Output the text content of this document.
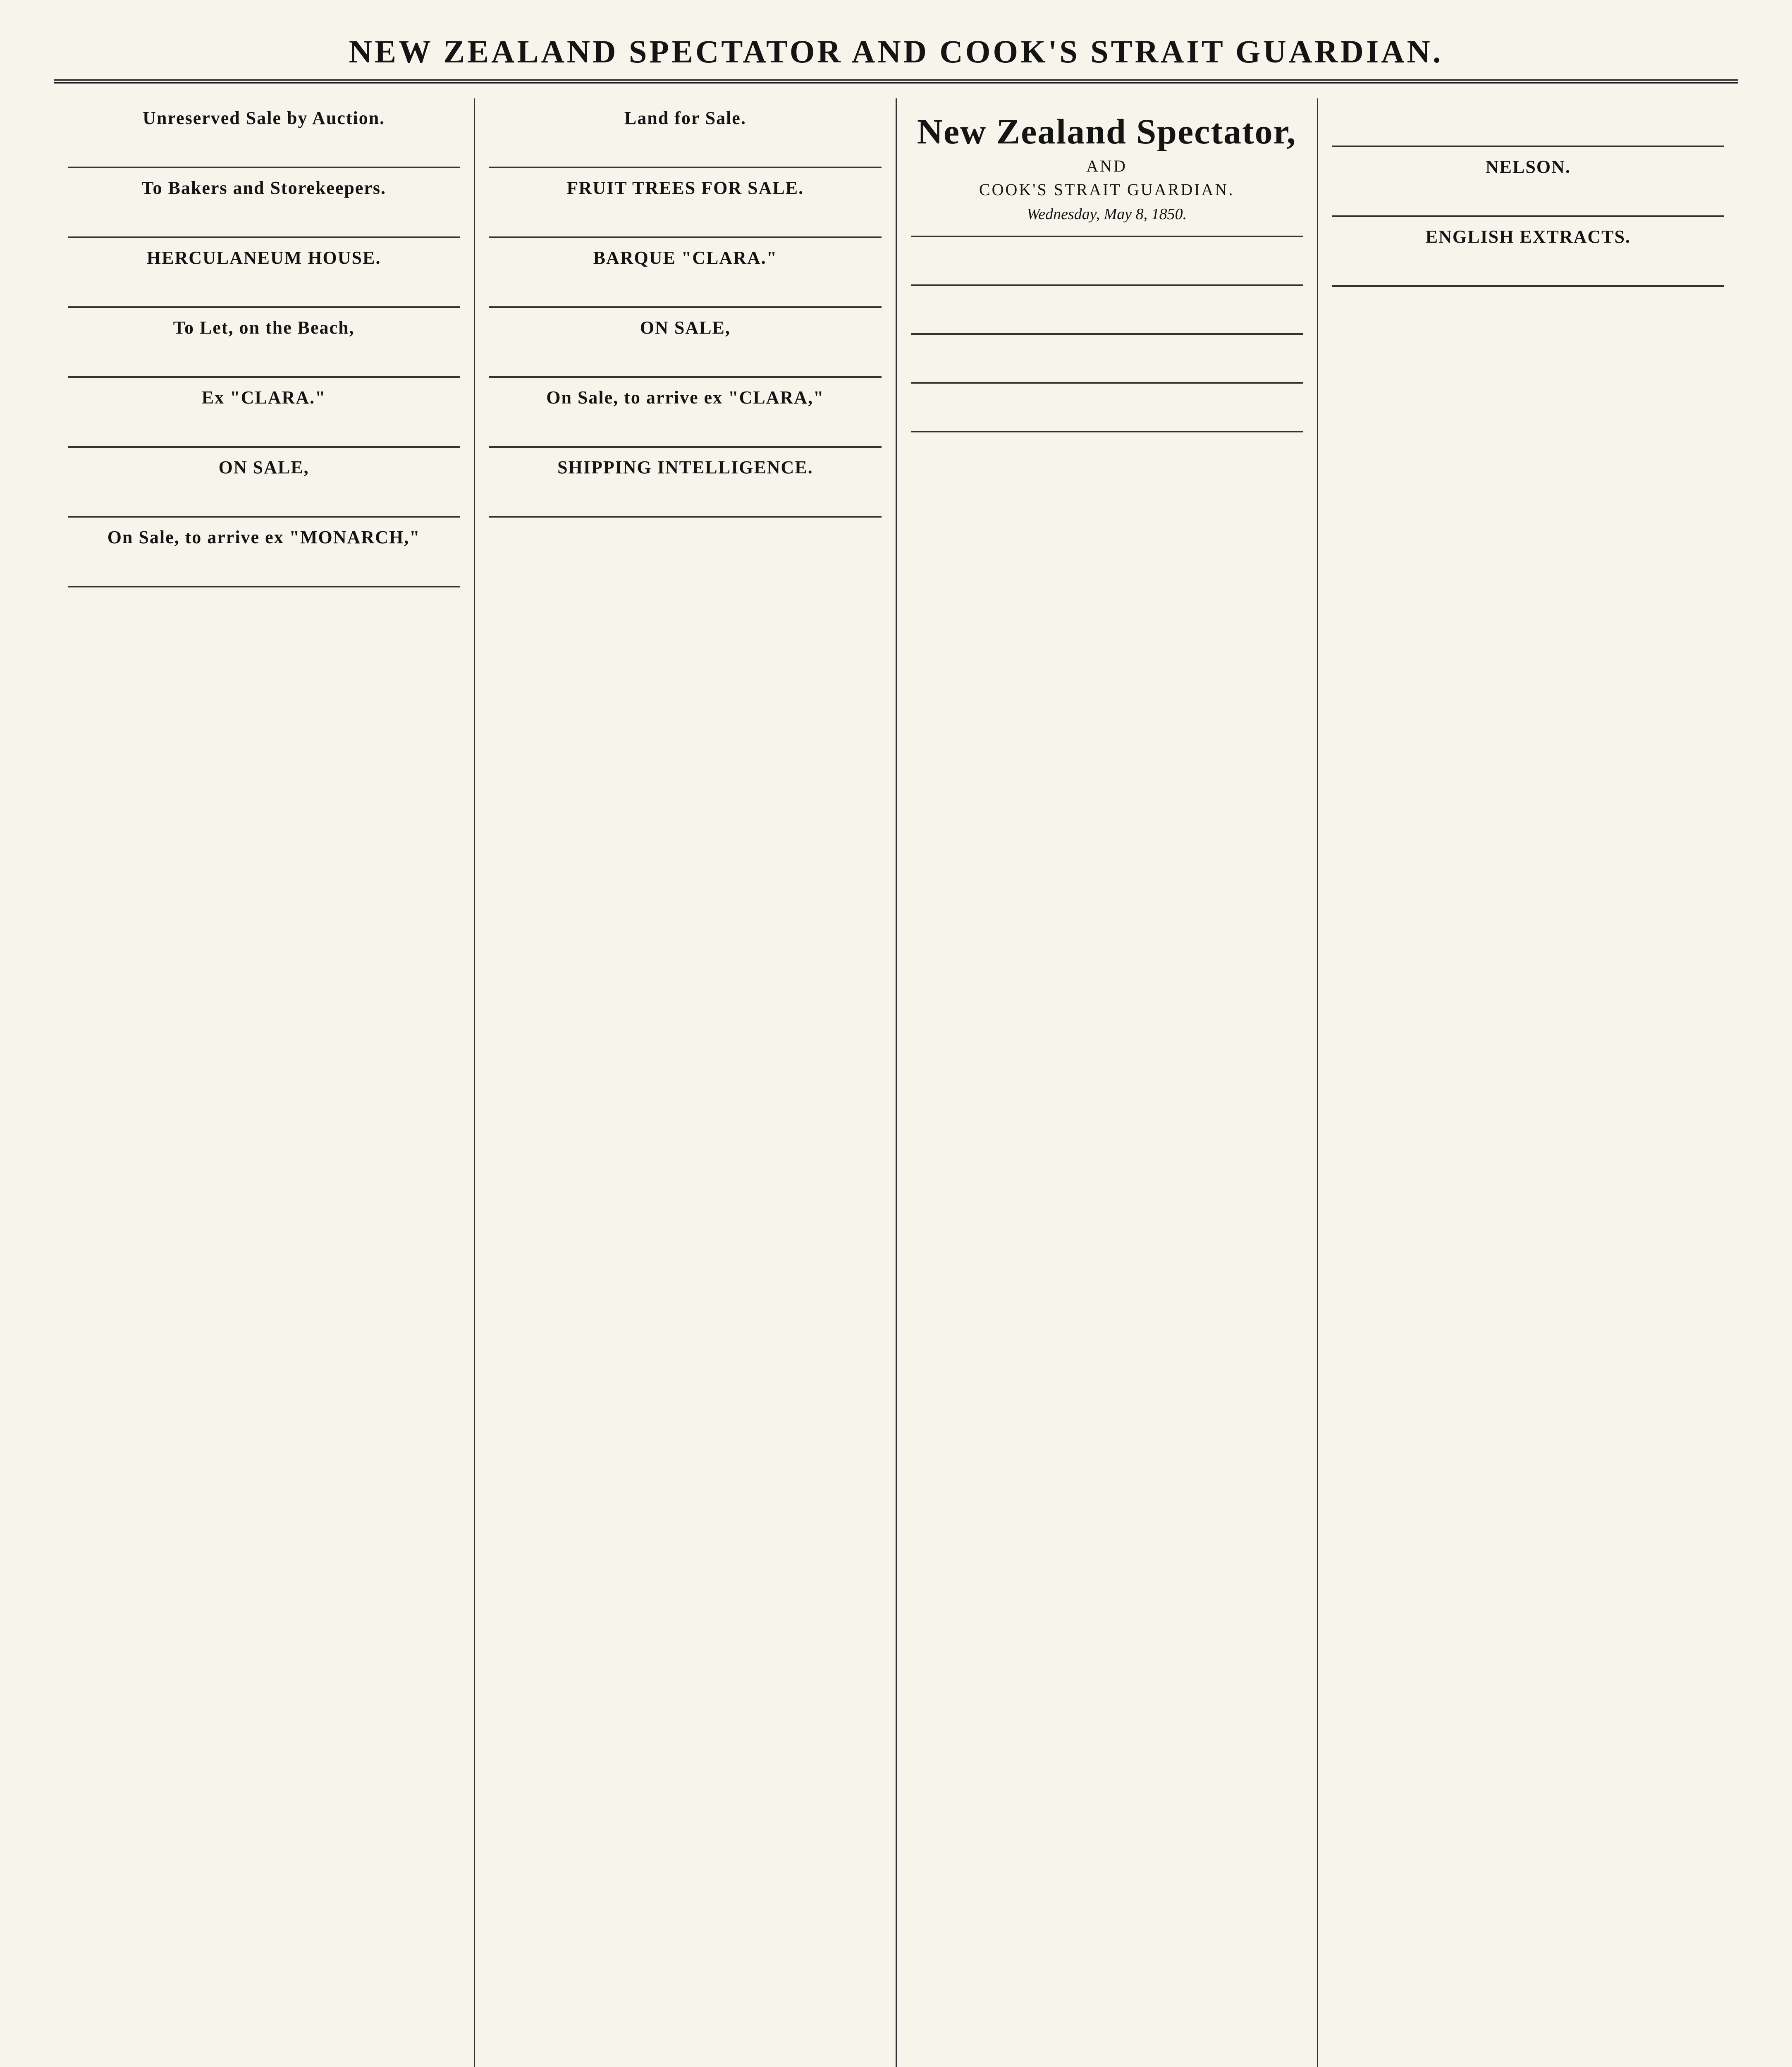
NEW ZEALAND SPECTATOR AND COOK'S STRAIT GUARDIAN.
Unreserved Sale by Auction.
To Bakers and Storekeepers.
HERCULANEUM HOUSE.
To Let, on the Beach,
Ex "CLARA."
ON SALE,
On Sale, to arrive ex "MONARCH,"
Land for Sale.
FRUIT TREES FOR SALE.
BARQUE "CLARA."
ON SALE,
On Sale, to arrive ex "CLARA,"
SHIPPING INTELLIGENCE.
New Zealand Spectator,
AND
COOK'S STRAIT GUARDIAN.
Wednesday, May 8, 1850.
NELSON.
ENGLISH EXTRACTS.
